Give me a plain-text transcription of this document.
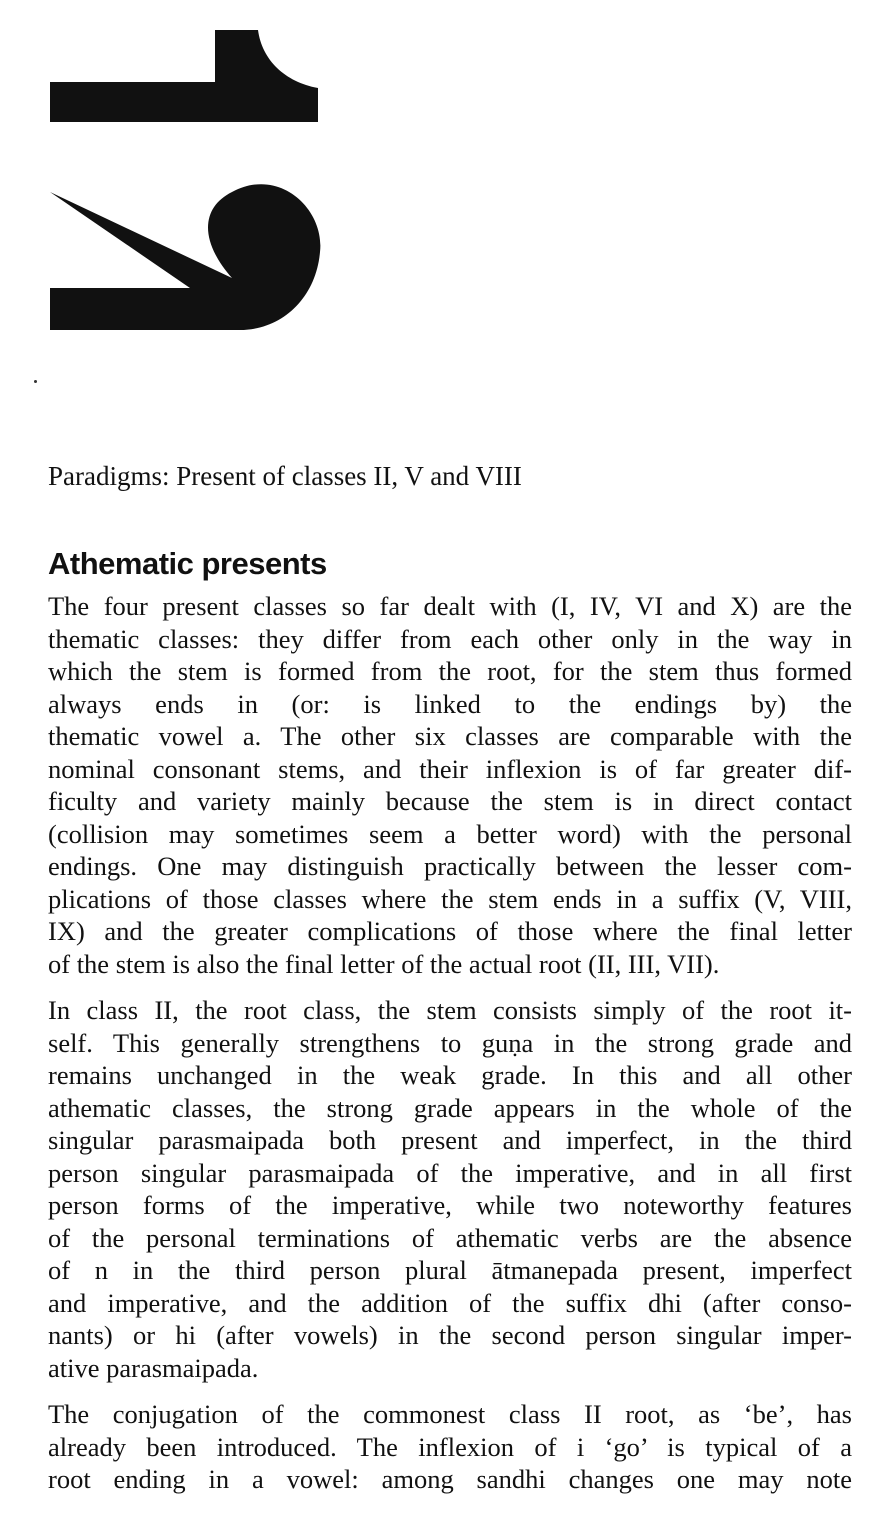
Paradigms: Present of classes II, V and VIII
Athematic presents

The four present classes so far dealt with (I, IV, VI and X) are the
thematic classes: they differ from each other only in the way in
which the stem is formed from the root, for the stem thus formed
always ends in (or: is linked to the endings by) the
thematic vowel a. The other six classes are comparable with the
nominal consonant stems, and their inflexion is of far greater dif-
ficulty and variety mainly because the stem is in direct contact
(collision may sometimes seem a better word) with the personal
endings. One may distinguish practically between the lesser com-
plications of those classes where the stem ends in a suffix (V, VIII,
IX) and the greater complications of those where the final letter
of the stem is also the final letter of the actual root (II, III, VII).

In class II, the root class, the stem consists simply of the root it-
self. This generally strengthens to guṇa in the strong grade and
remains unchanged in the weak grade. In this and all other
athematic classes, the strong grade appears in the whole of the
singular parasmaipada both present and imperfect, in the third
person singular parasmaipada of the imperative, and in all first
person forms of the imperative, while two noteworthy features
of the personal terminations of athematic verbs are the absence
of n in the third person plural ātmanepada present, imperfect
and imperative, and the addition of the suffix dhi (after conso-
nants) or hi (after vowels) in the second person singular imper-
ative parasmaipada.

The conjugation of the commonest class II root, as ‘be’, has
already been introduced. The inflexion of i ‘go’ is typical of a
root ending in a vowel: among sandhi changes one may note
